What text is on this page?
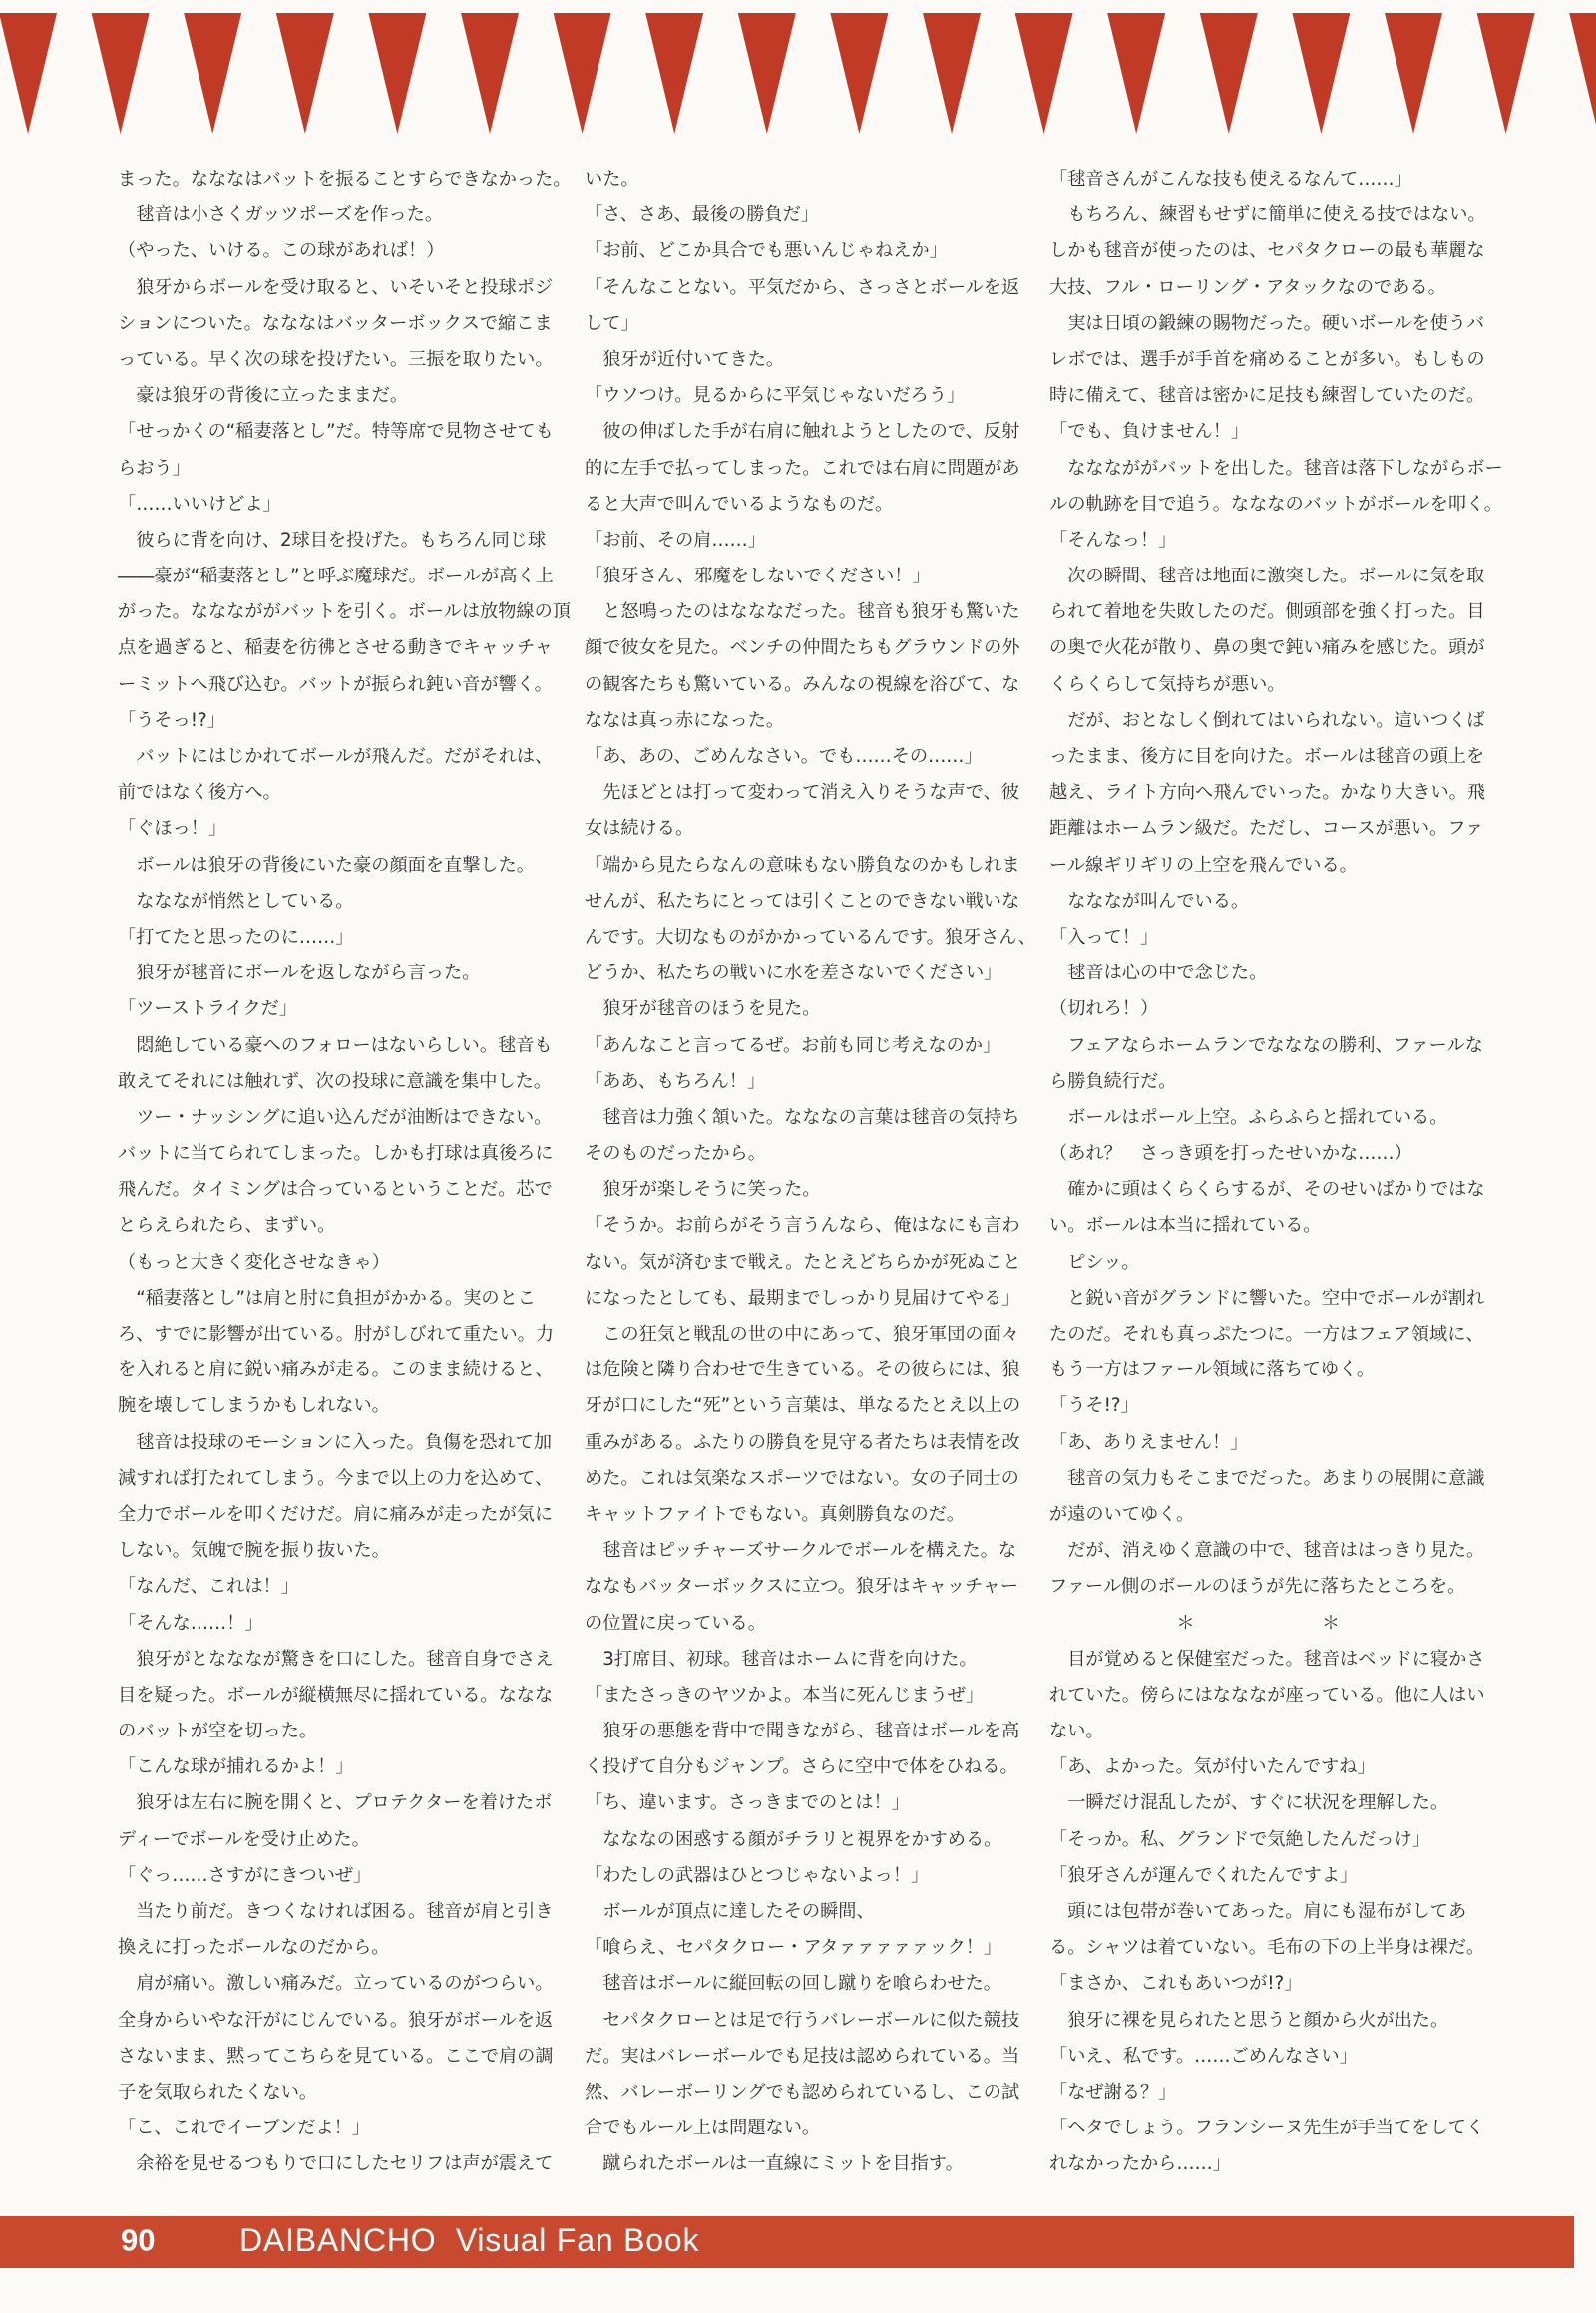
まった。なななはバットを振ることすらできなかった。
　毬音は小さくガッツポーズを作った。
（やった、いける。この球があれば！）
　狼牙からボールを受け取ると、いそいそと投球ポジ
ションについた。なななはバッターボックスで縮こま
っている。早く次の球を投げたい。三振を取りたい。
　豪は狼牙の背後に立ったままだ。
「せっかくの“稲妻落とし”だ。特等席で見物させても
らおう」
「……いいけどよ」
　彼らに背を向け、2球目を投げた。もちろん同じ球
――豪が“稲妻落とし”と呼ぶ魔球だ。ボールが高く上
がった。なななががバットを引く。ボールは放物線の頂
点を過ぎると、稲妻を彷彿とさせる動きでキャッチャ
ーミットへ飛び込む。バットが振られ鈍い音が響く。
「うそっ!?」
　バットにはじかれてボールが飛んだ。だがそれは、
前ではなく後方へ。
「ぐほっ！」
　ボールは狼牙の背後にいた豪の顔面を直撃した。
　なななが悄然としている。
「打てたと思ったのに……」
　狼牙が毬音にボールを返しながら言った。
「ツーストライクだ」
　悶絶している豪へのフォローはないらしい。毬音も
敢えてそれには触れず、次の投球に意識を集中した。
　ツー・ナッシングに追い込んだが油断はできない。
バットに当てられてしまった。しかも打球は真後ろに
飛んだ。タイミングは合っているということだ。芯で
とらえられたら、まずい。
（もっと大きく変化させなきゃ）
　“稲妻落とし”は肩と肘に負担がかかる。実のとこ
ろ、すでに影響が出ている。肘がしびれて重たい。力
を入れると肩に鋭い痛みが走る。このまま続けると、
腕を壊してしまうかもしれない。
　毬音は投球のモーションに入った。負傷を恐れて加
減すれば打たれてしまう。今まで以上の力を込めて、
全力でボールを叩くだけだ。肩に痛みが走ったが気に
しない。気魄で腕を振り抜いた。
「なんだ、これは！」
「そんな……！」
　狼牙がとなななが驚きを口にした。毬音自身でさえ
目を疑った。ボールが縦横無尽に揺れている。ななな
のバットが空を切った。
「こんな球が捕れるかよ！」
　狼牙は左右に腕を開くと、プロテクターを着けたボ
ディーでボールを受け止めた。
「ぐっ……さすがにきついぜ」
　当たり前だ。きつくなければ困る。毬音が肩と引き
換えに打ったボールなのだから。
　肩が痛い。激しい痛みだ。立っているのがつらい。
全身からいやな汗がにじんでいる。狼牙がボールを返
さないまま、黙ってこちらを見ている。ここで肩の調
子を気取られたくない。
「こ、これでイーブンだよ！」
　余裕を見せるつもりで口にしたセリフは声が震えて
いた。
「さ、さあ、最後の勝負だ」
「お前、どこか具合でも悪いんじゃねえか」
「そんなことない。平気だから、さっさとボールを返
して」
　狼牙が近付いてきた。
「ウソつけ。見るからに平気じゃないだろう」
　彼の伸ばした手が右肩に触れようとしたので、反射
的に左手で払ってしまった。これでは右肩に問題があ
ると大声で叫んでいるようなものだ。
「お前、その肩……」
「狼牙さん、邪魔をしないでください！」
　と怒鳴ったのはなななだった。毬音も狼牙も驚いた
顔で彼女を見た。ベンチの仲間たちもグラウンドの外
の観客たちも驚いている。みんなの視線を浴びて、な
ななは真っ赤になった。
「あ、あの、ごめんなさい。でも……その……」
　先ほどとは打って変わって消え入りそうな声で、彼
女は続ける。
「端から見たらなんの意味もない勝負なのかもしれま
せんが、私たちにとっては引くことのできない戦いな
んです。大切なものがかかっているんです。狼牙さん、
どうか、私たちの戦いに水を差さないでください」
　狼牙が毬音のほうを見た。
「あんなこと言ってるぜ。お前も同じ考えなのか」
「ああ、もちろん！」
　毬音は力強く頷いた。なななの言葉は毬音の気持ち
そのものだったから。
　狼牙が楽しそうに笑った。
「そうか。お前らがそう言うんなら、俺はなにも言わ
ない。気が済むまで戦え。たとえどちらかが死ぬこと
になったとしても、最期までしっかり見届けてやる」
　この狂気と戦乱の世の中にあって、狼牙軍団の面々
は危険と隣り合わせで生きている。その彼らには、狼
牙が口にした“死”という言葉は、単なるたとえ以上の
重みがある。ふたりの勝負を見守る者たちは表情を改
めた。これは気楽なスポーツではない。女の子同士の
キャットファイトでもない。真剣勝負なのだ。
　毬音はピッチャーズサークルでボールを構えた。な
ななもバッターボックスに立つ。狼牙はキャッチャー
の位置に戻っている。
　3打席目、初球。毬音はホームに背を向けた。
「またさっきのヤツかよ。本当に死んじまうぜ」
　狼牙の悪態を背中で聞きながら、毬音はボールを高
く投げて自分もジャンプ。さらに空中で体をひねる。
「ち、違います。さっきまでのとは！」
　なななの困惑する顔がチラリと視界をかすめる。
「わたしの武器はひとつじゃないよっ！」
　ボールが頂点に達したその瞬間、
「喰らえ、セパタクロー・アタァァァァァック！」
　毬音はボールに縦回転の回し蹴りを喰らわせた。
　セパタクローとは足で行うバレーボールに似た競技
だ。実はバレーボールでも足技は認められている。当
然、バレーボーリングでも認められているし、この試
合でもルール上は問題ない。
　蹴られたボールは一直線にミットを目指す。
「毬音さんがこんな技も使えるなんて……」
　もちろん、練習もせずに簡単に使える技ではない。
しかも毬音が使ったのは、セパタクローの最も華麗な
大技、フル・ローリング・アタックなのである。
　実は日頃の鍛練の賜物だった。硬いボールを使うバ
レボでは、選手が手首を痛めることが多い。もしもの
時に備えて、毬音は密かに足技も練習していたのだ。
「でも、負けません！」
　なななががバットを出した。毬音は落下しながらボー
ルの軌跡を目で追う。なななのバットがボールを叩く。
「そんなっ！」
　次の瞬間、毬音は地面に激突した。ボールに気を取
られて着地を失敗したのだ。側頭部を強く打った。目
の奥で火花が散り、鼻の奥で鈍い痛みを感じた。頭が
くらくらして気持ちが悪い。
　だが、おとなしく倒れてはいられない。這いつくば
ったまま、後方に目を向けた。ボールは毬音の頭上を
越え、ライト方向へ飛んでいった。かなり大きい。飛
距離はホームラン級だ。ただし、コースが悪い。ファ
ール線ギリギリの上空を飛んでいる。
　なななが叫んでいる。
「入って！」
　毬音は心の中で念じた。
（切れろ！）
　フェアならホームランでなななの勝利、ファールな
ら勝負続行だ。
　ボールはポール上空。ふらふらと揺れている。
（あれ？　さっき頭を打ったせいかな……）
　確かに頭はくらくらするが、そのせいばかりではな
い。ボールは本当に揺れている。
　ピシッ。
　と鋭い音がグランドに響いた。空中でボールが割れ
たのだ。それも真っぷたつに。一方はフェア領域に、
もう一方はファール領域に落ちてゆく。
「うそ!?」
「あ、ありえません！」
　毬音の気力もそこまでだった。あまりの展開に意識
が遠のいてゆく。
　だが、消えゆく意識の中で、毬音ははっきり見た。
ファール側のボールのほうが先に落ちたところを。
　　　　　　　＊　　　　　　　＊
　目が覚めると保健室だった。毬音はベッドに寝かさ
れていた。傍らにはなななが座っている。他に人はい
ない。
「あ、よかった。気が付いたんですね」
　一瞬だけ混乱したが、すぐに状況を理解した。
「そっか。私、グランドで気絶したんだっけ」
「狼牙さんが運んでくれたんですよ」
　頭には包帯が巻いてあった。肩にも湿布がしてあ
る。シャツは着ていない。毛布の下の上半身は裸だ。
「まさか、これもあいつが!?」
　狼牙に裸を見られたと思うと顔から火が出た。
「いえ、私です。……ごめんなさい」
「なぜ謝る？」
「ヘタでしょう。フランシーヌ先生が手当てをしてく
れなかったから……」
90	DAIBANCHO  Visual Fan Book
